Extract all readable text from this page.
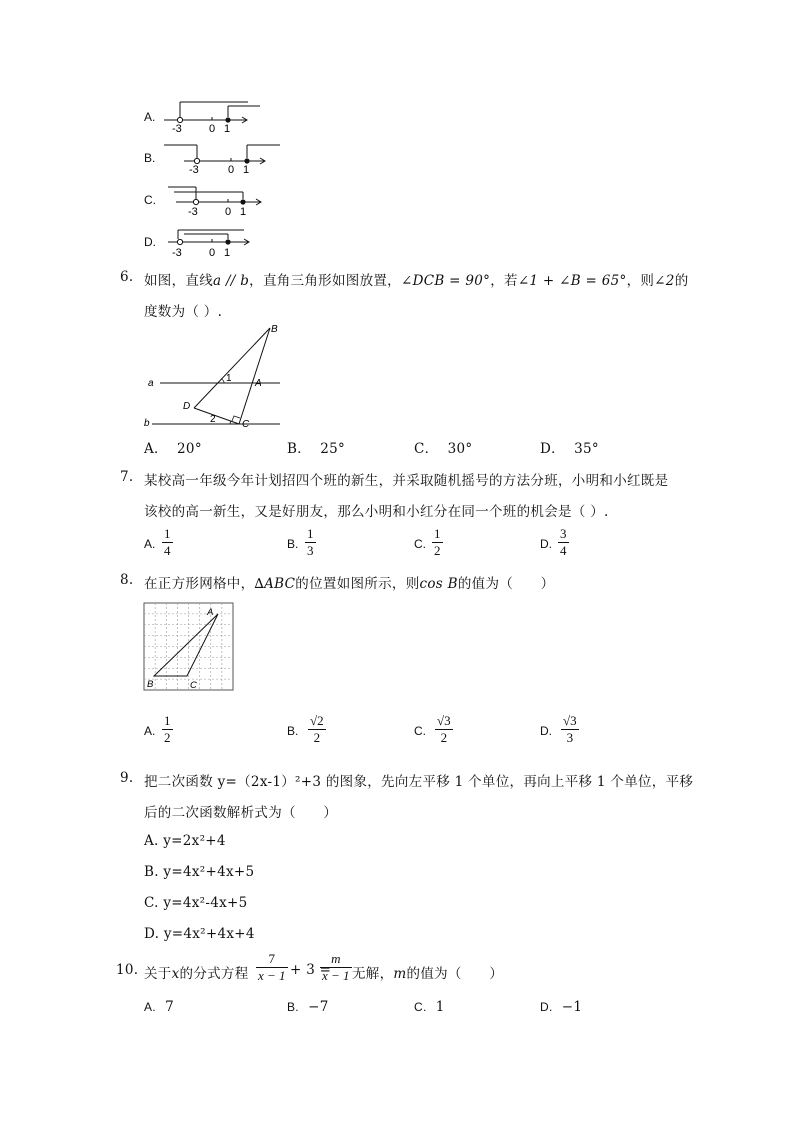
A.
-3 0 1
B.
-3	0 1
C.
-3 0 1
D.
-3 0 1
6. 如图，直线a // b，直角三角形如图放置，∠DCB = 90°，若∠1 + ∠B = 65°，则∠2的
度数为（ ）.
B
a	1 A
D
b	2	C
A． 20°	B． 25°	C． 30°	D． 35°
7. 某校高一年级今年计划招四个班的新生，并采取随机摇号的方法分班，小明和小红既是
该校的高一新生，又是好朋友，那么小明和小红分在同一个班的机会是（ ）.
A.
1
4	B.
1
3	C.
1
2	D.
3
4
8. 在正方形网格中，∆ABC的位置如图所示，则cos B的值为（　　）
A
B	C
A.
1
2	B.
√2
2	C.
√3
2	D.
√3
3
9. 把二次函数 y=（2x-1）²+3 的图象，先向左平移 1 个单位，再向上平移 1 个单位，平移
后的二次函数解析式为（　　）
A. y=2x²+4
B. y=4x²+4x+5
C. y=4x²-4x+5
D. y=4x²+4x+4
10. 关于x的分式方程
7
x − 1 + 3 =
m
x − 1 无解，m的值为（　　）
A. 7	B. −7	C. 1	D. −1
